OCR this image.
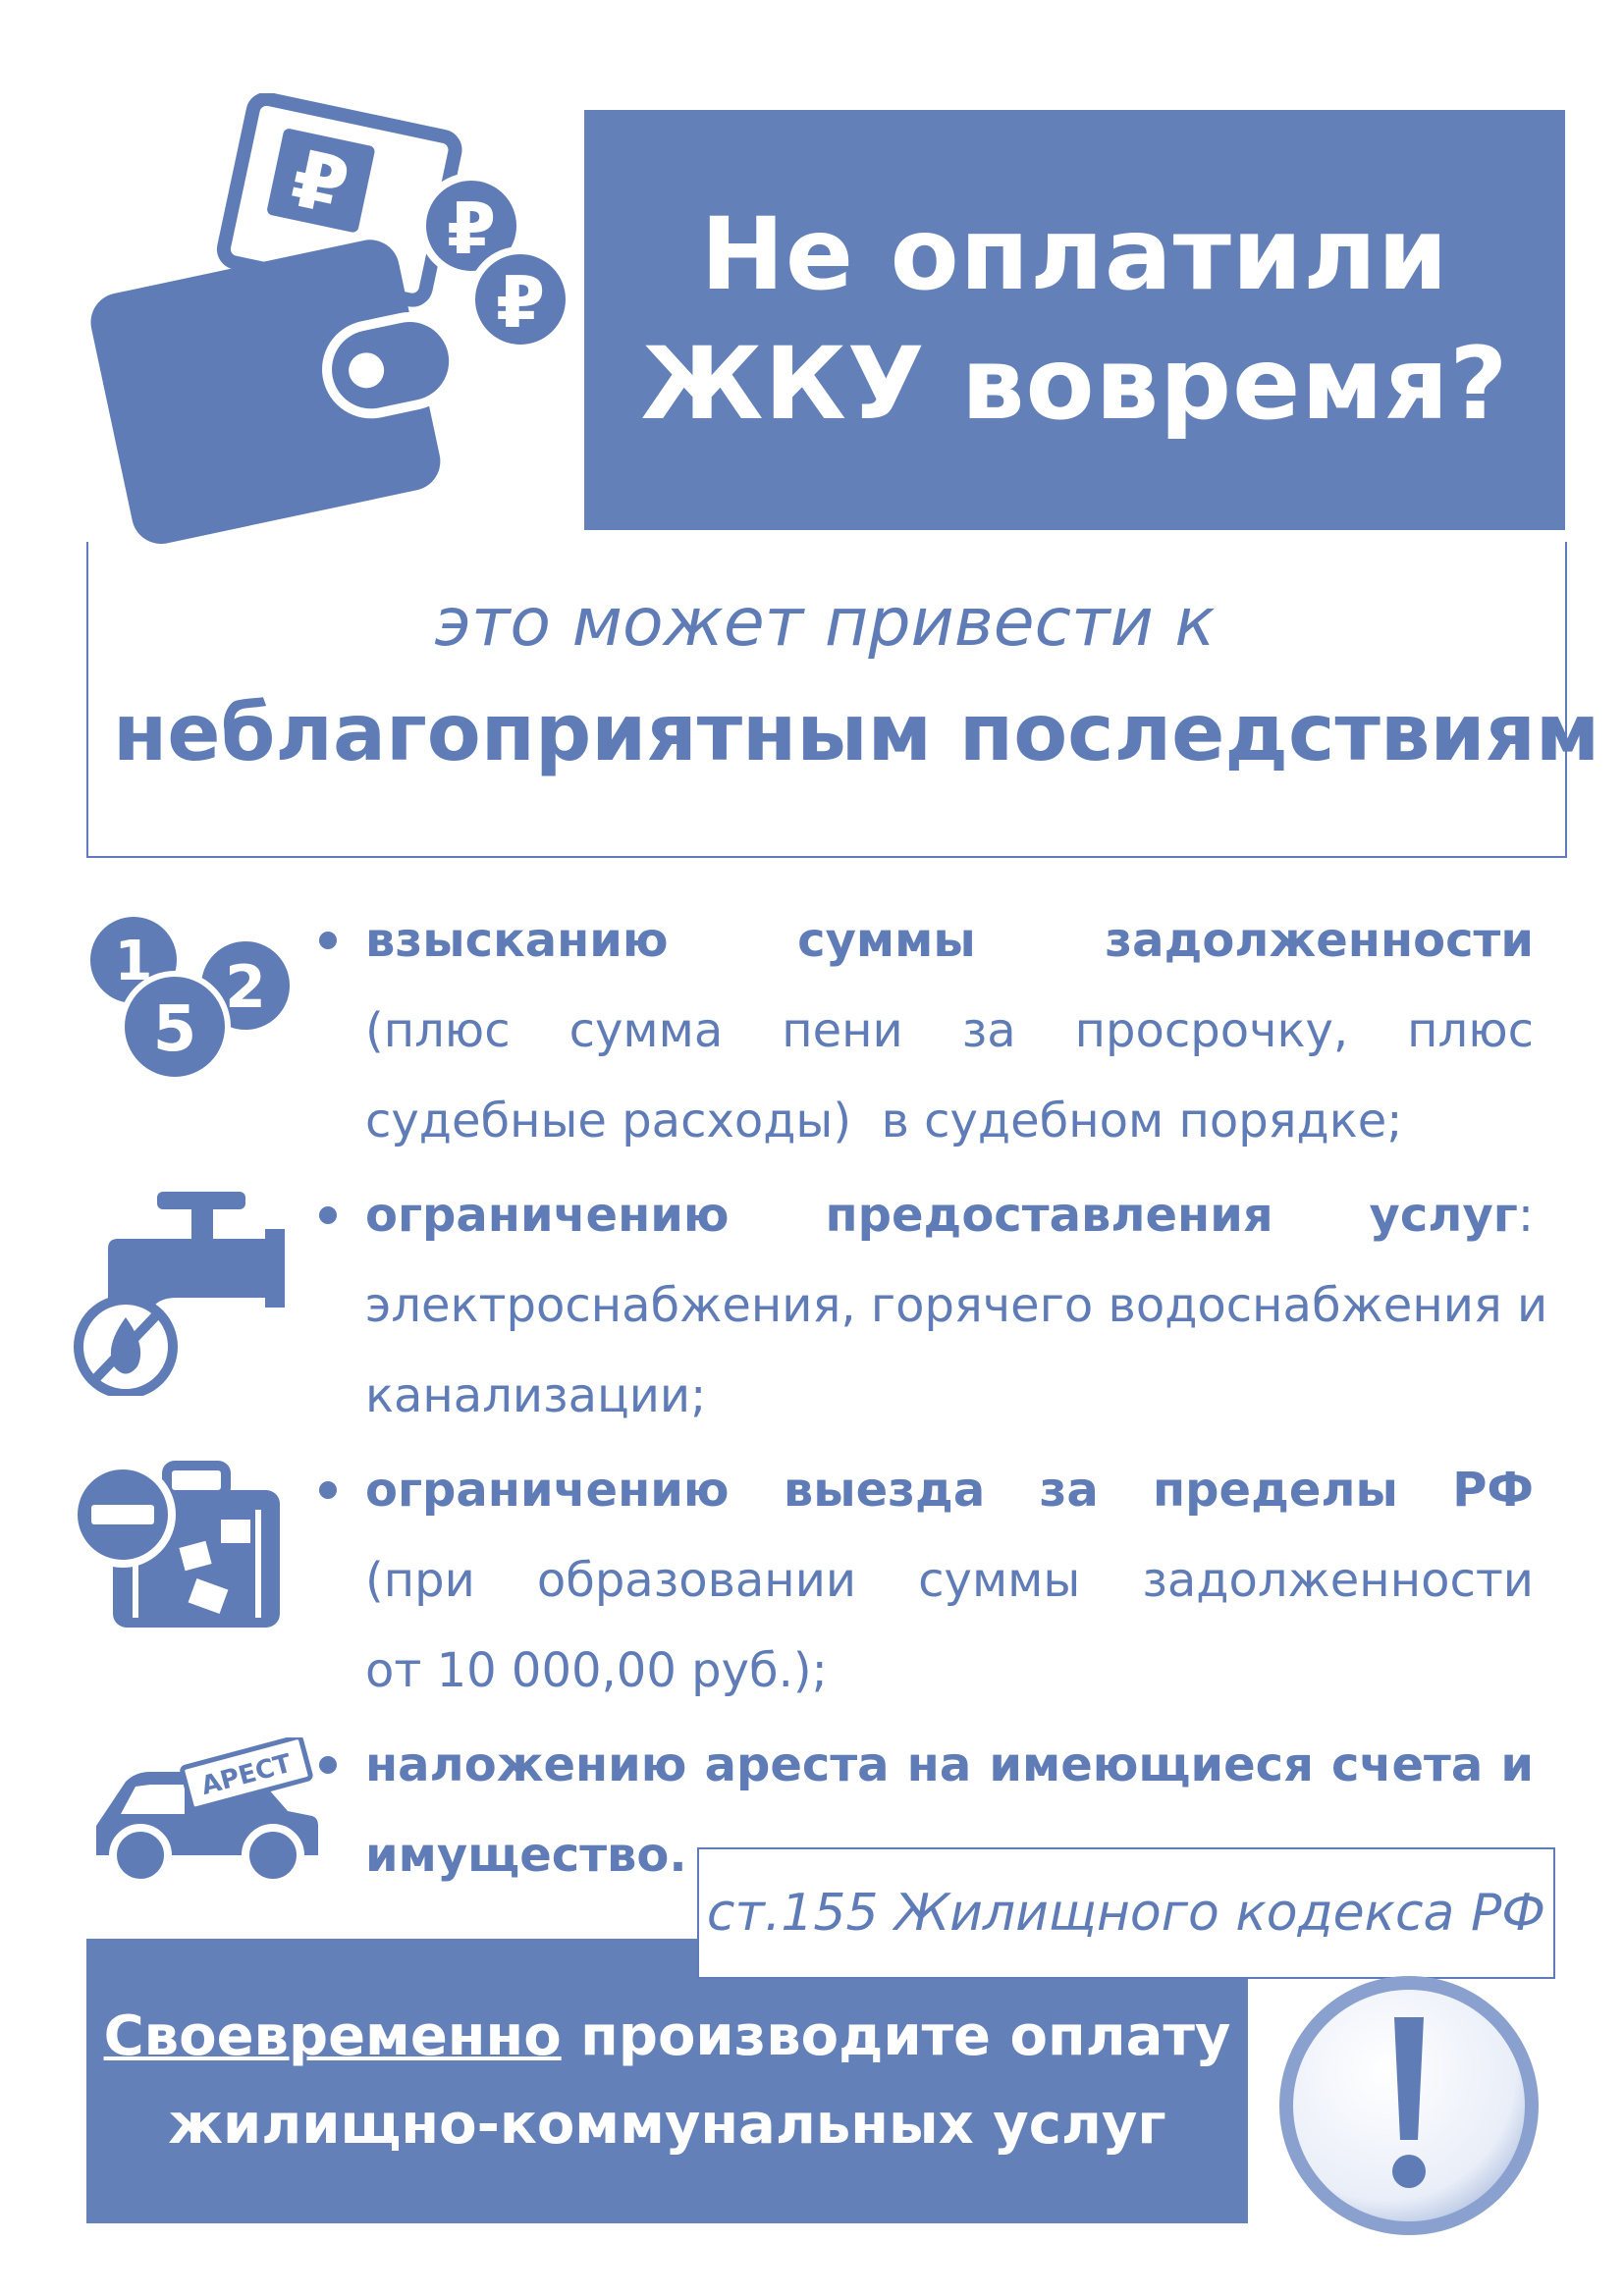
₽ ₽
₽ Не оплатили
ЖКУ вовремя?
это может привести к
неблагоприятным последствиям
1 2
5
АРЕСТ
взысканию	суммы	задолженности
(плюс сумма пени за просрочку, плюс
судебные расходы)  в судебном порядке;
ограничению предоставления услуг:
электроснабжения, горячего водоснабжения и
канализации;
ограничению выезда за пределы РФ
(при образовании суммы задолженности
от 10 000,00 руб.);
наложению ареста на имеющиеся счета и
имущество.
Своевременно производите оплату
жилищно-коммунальных услуг
ст.155 Жилищного кодекса РФ
